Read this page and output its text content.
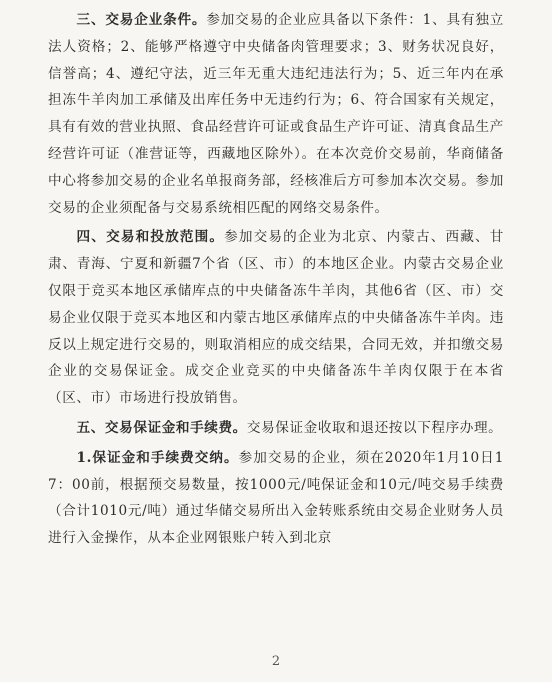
三、交易企业条件。参加交易的企业应具备以下条件：1、具有独立法人资格；2、能够严格遵守中央储备肉管理要求；3、财务状况良好，信誉高；4、遵纪守法，近三年无重大违纪违法行为；5、近三年内在承担冻牛羊肉加工承储及出库任务中无违约行为；6、符合国家有关规定，具有有效的营业执照、食品经营许可证或食品生产许可证、清真食品生产经营许可证（准营证等，西藏地区除外）。在本次竞价交易前，华商储备中心将参加交易的企业名单报商务部，经核准后方可参加本次交易。参加交易的企业须配备与交易系统相匹配的网络交易条件。

四、交易和投放范围。参加交易的企业为北京、内蒙古、西藏、甘肃、青海、宁夏和新疆7个省（区、市）的本地区企业。内蒙古交易企业仅限于竞买本地区承储库点的中央储备冻牛羊肉，其他6省（区、市）交易企业仅限于竞买本地区和内蒙古地区承储库点的中央储备冻牛羊肉。违反以上规定进行交易的，则取消相应的成交结果，合同无效，并扣缴交易企业的交易保证金。成交企业竞买的中央储备冻牛羊肉仅限于在本省（区、市）市场进行投放销售。

五、交易保证金和手续费。交易保证金收取和退还按以下程序办理。

1.保证金和手续费交纳。参加交易的企业，须在2020年1月10日17：00前，根据预交易数量，按1000元/吨保证金和10元/吨交易手续费（合计1010元/吨）通过华储交易所出入金转账系统由交易企业财务人员进行入金操作，从本企业网银账户转入到北京

2
